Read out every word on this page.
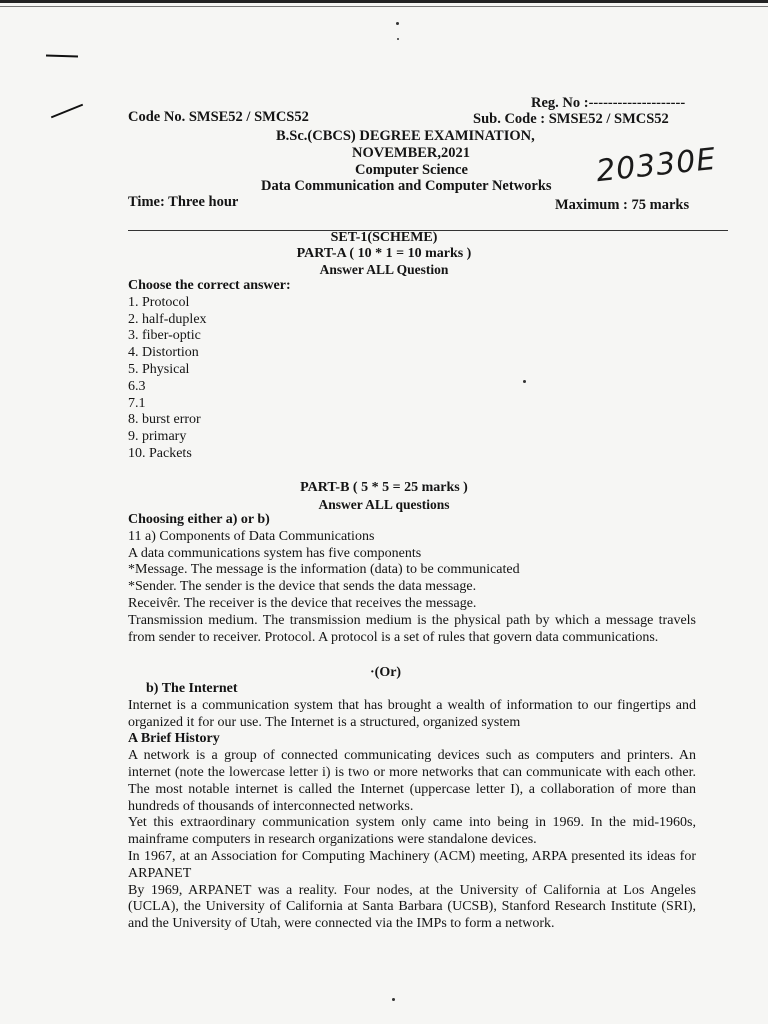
Reg. No :--------------------
Code No. SMSE52 / SMCS52	Sub. Code : SMSE52 / SMCS52
B.Sc.(CBCS) DEGREE EXAMINATION,
NOVEMBER,2021
Computer Science
Data Communication and Computer Networks
Time: Three hour	Maximum : 75 marks
20330E
SET-1(SCHEME)
PART-A ( 10 * 1 = 10 marks )
Answer ALL Question
Choose the correct answer:
1. Protocol
2. half-duplex
3. fiber-optic
4. Distortion
5. Physical
6.3
7.1
8. burst error
9. primary
10. Packets
PART-B ( 5 * 5 = 25 marks )
Answer ALL questions

Choosing either a) or b)

11 a) Components of Data Communications

A data communications system has five components

*Message. The message is the information (data) to be communicated

*Sender. The sender is the device that sends the data message.

Receivêr. The receiver is the device that receives the message.

Transmission medium. The transmission medium is the physical path by which a message travels from sender to receiver. Protocol. A protocol is a set of rules that govern data communications.

·(Or)

b) The Internet

Internet is a communication system that has brought a wealth of information to our fingertips and organized it for our use. The Internet is a structured, organized system

A Brief History

A network is a group of connected communicating devices such as computers and printers. An internet (note the lowercase letter i) is two or more networks that can communicate with each other. The most notable internet is called the Internet (uppercase letter I), a collaboration of more than hundreds of thousands of interconnected networks.

Yet this extraordinary communication system only came into being in 1969. In the mid-1960s, mainframe computers in research organizations were standalone devices.

In 1967, at an Association for Computing Machinery (ACM) meeting, ARPA presented its ideas for ARPANET

By 1969, ARPANET was a reality. Four nodes, at the University of California at Los Angeles (UCLA), the University of California at Santa Barbara (UCSB), Stanford Research Institute (SRI), and the University of Utah, were connected via the IMPs to form a network.
